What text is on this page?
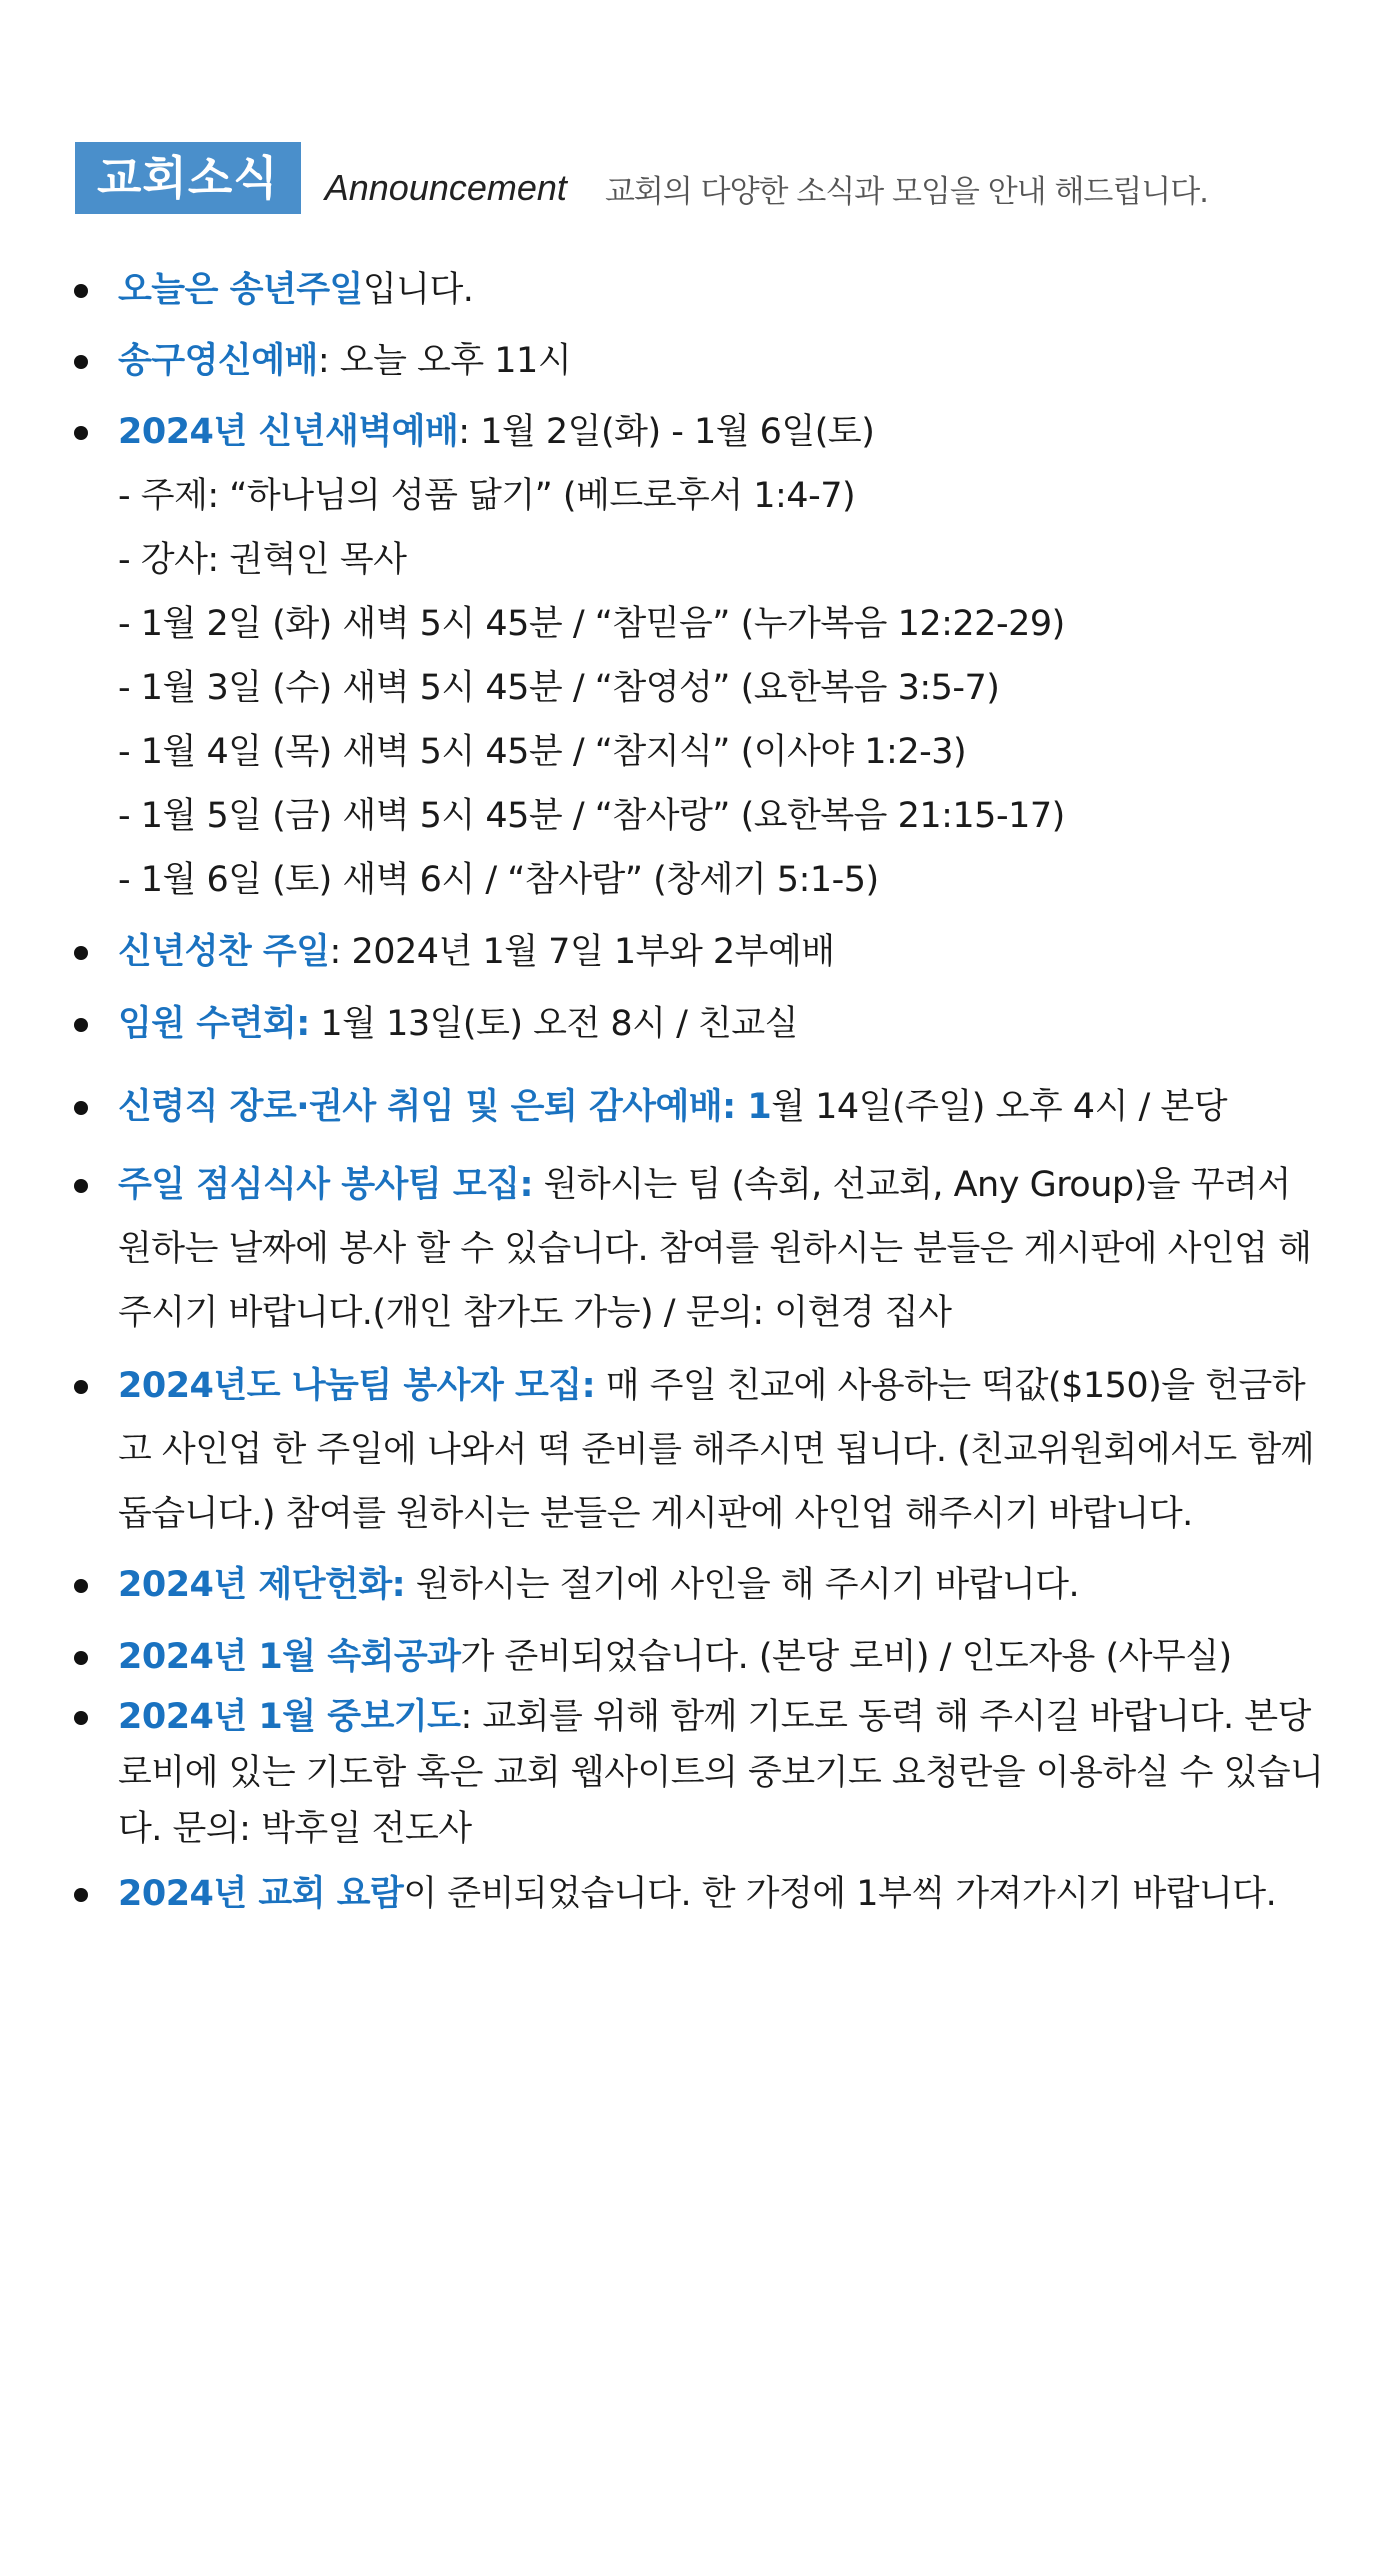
교회소식	Announcement 교회의 다양한 소식과 모임을 안내 해드립니다.
오늘은 송년주일입니다.
송구영신예배: 오늘 오후 11시
2024년 신년새벽예배: 1월 2일(화) - 1월 6일(토)
- 주제: “하나님의 성품 닮기” (베드로후서 1:4-7)
- 강사: 권혁인 목사
- 1월 2일 (화) 새벽 5시 45분 / “참믿음” (누가복음 12:22-29)
- 1월 3일 (수) 새벽 5시 45분 / “참영성” (요한복음 3:5-7)
- 1월 4일 (목) 새벽 5시 45분 / “참지식” (이사야 1:2-3)
- 1월 5일 (금) 새벽 5시 45분 / “참사랑” (요한복음 21:15-17)
- 1월 6일 (토) 새벽 6시 / “참사람” (창세기 5:1-5)
신년성찬 주일: 2024년 1월 7일 1부와 2부예배
임원 수련회: 1월 13일(토) 오전 8시 / 친교실
신령직 장로·권사 취임 및 은퇴 감사예배: 1월 14일(주일) 오후 4시 / 본당
주일 점심식사 봉사팀 모집: 원하시는 팀 (속회, 선교회, Any Group)을 꾸려서 원하는 날짜에 봉사 할 수 있습니다. 참여를 원하시는 분들은 게시판에 사인업 해주시기 바랍니다.(개인 참가도 가능) / 문의: 이현경 집사
2024년도 나눔팀 봉사자 모집: 매 주일 친교에 사용하는 떡값($150)을 헌금하고 사인업 한 주일에 나와서 떡 준비를 해주시면 됩니다. (친교위원회에서도 함께 돕습니다.) 참여를 원하시는 분들은 게시판에 사인업 해주시기 바랍니다.
2024년 제단헌화: 원하시는 절기에 사인을 해 주시기 바랍니다.
2024년 1월 속회공과가 준비되었습니다. (본당 로비) / 인도자용 (사무실)
2024년 1월 중보기도: 교회를 위해 함께 기도로 동력 해 주시길 바랍니다. 본당 로비에 있는 기도함 혹은 교회 웹사이트의 중보기도 요청란을 이용하실 수 있습니다. 문의: 박후일 전도사
2024년 교회 요람이 준비되었습니다. 한 가정에 1부씩 가져가시기 바랍니다.
